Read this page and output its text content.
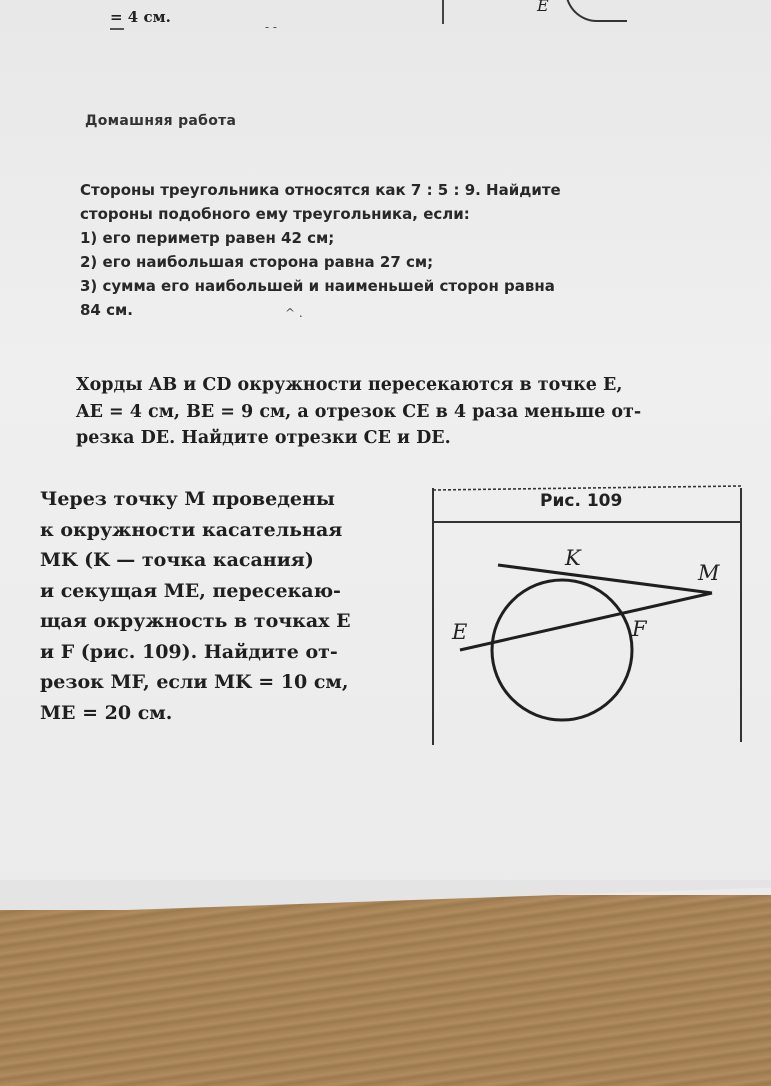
= 4 см.

E

Домашняя работа

Стороны треугольника относятся как 7 : 5 : 9. Найдите
стороны подобного ему треугольника, если:
1) его периметр равен 42 см;
2) его наибольшая сторона равна 27 см;
3) сумма его наибольшей и наименьшей сторон равна
84 см.
Хорды AB и CD окружности пересекаются в точке E,
AE = 4 см, BE = 9 см, а отрезок CE в 4 раза меньше от-
резка DE. Найдите отрезки CE и DE.
Через точку M проведены
к окружности касательная
MK (K — точка касания)
и секущая ME, пересекаю-
щая окружность в точках E
и F (рис. 109). Найдите от-
резок MF, если MK = 10 см,
ME = 20 см.

Рис. 109

K

M

E	F

- -

^ .
